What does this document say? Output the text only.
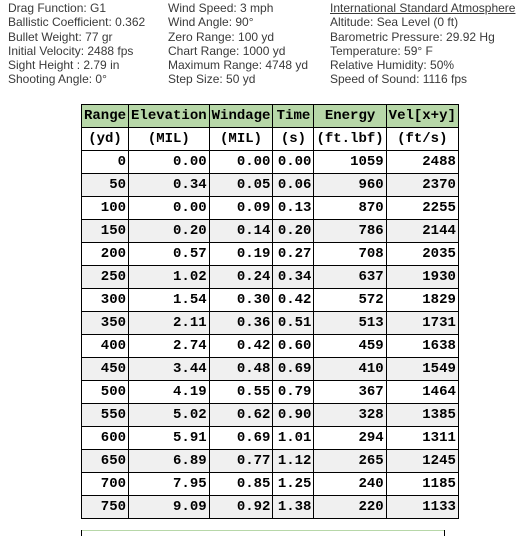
Drag Function: G1
Ballistic Coefficient: 0.362
Bullet Weight: 77 gr
Initial Velocity: 2488 fps
Sight Height : 2.79 in
Shooting Angle: 0°
Wind Speed: 3 mph
Wind Angle: 90°
Zero Range: 100 yd
Chart Range: 1000 yd
Maximum Range: 4748 yd
Step Size: 50 yd
International Standard Atmosphere
Altitude: Sea Level (0 ft)
Barometric Pressure: 29.92 Hg
Temperature: 59° F
Relative Humidity: 50%
Speed of Sound: 1116 fps
Range	Elevation	Windage	Time	Energy	Vel[x+y]
(yd)	(MIL)	(MIL)	(s)	(ft.lbf)	(ft/s)
0	0.00	0.00	0.00	1059	2488
50	0.34	0.05	0.06	960	2370
100	0.00	0.09	0.13	870	2255
150	0.20	0.14	0.20	786	2144
200	0.57	0.19	0.27	708	2035
250	1.02	0.24	0.34	637	1930
300	1.54	0.30	0.42	572	1829
350	2.11	0.36	0.51	513	1731
400	2.74	0.42	0.60	459	1638
450	3.44	0.48	0.69	410	1549
500	4.19	0.55	0.79	367	1464
550	5.02	0.62	0.90	328	1385
600	5.91	0.69	1.01	294	1311
650	6.89	0.77	1.12	265	1245
700	7.95	0.85	1.25	240	1185
750	9.09	0.92	1.38	220	1133
